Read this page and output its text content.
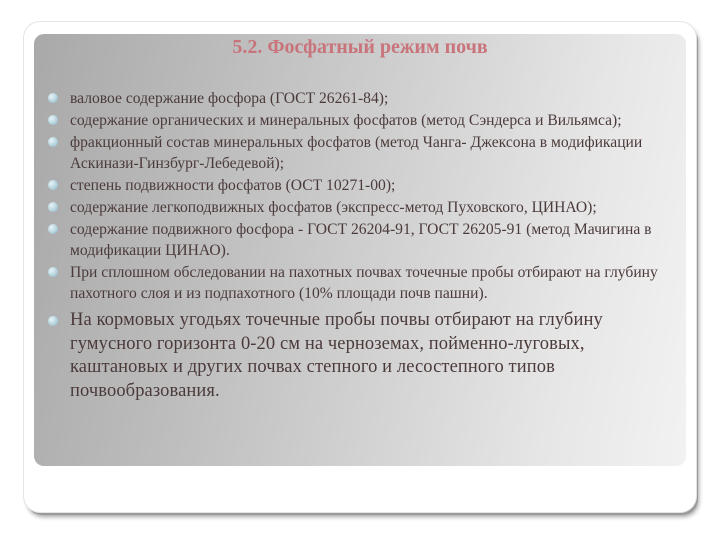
5.2. Фосфатный режим почв
валовое содержание фосфора (ГОСТ 26261-84);
содержание органических и минеральных фосфатов (метод Сэндерса и Вильямса);
фракционный состав минеральных фосфатов (метод Чанга- Джексона в модификации Аскинази-Гинзбург-Лебедевой);
степень подвижности фосфатов (ОСТ 10271-00);
содержание легкоподвижных фосфатов (экспресс-метод Пуховского, ЦИНАО);
содержание подвижного фосфора - ГОСТ 26204-91, ГОСТ 26205-91 (метод Мачигина в модификации ЦИНАО).
При сплошном обследовании на пахотных почвах точечные пробы отбирают на глубину пахотного слоя и из подпахотного (10% площади почв пашни).
На кормовых угодьях точечные пробы почвы отбирают на глубину гумусного горизонта 0-20 см на черноземах, пойменно-луговых, каштановых и других почвах степного и лесостепного типов почвообразования.
